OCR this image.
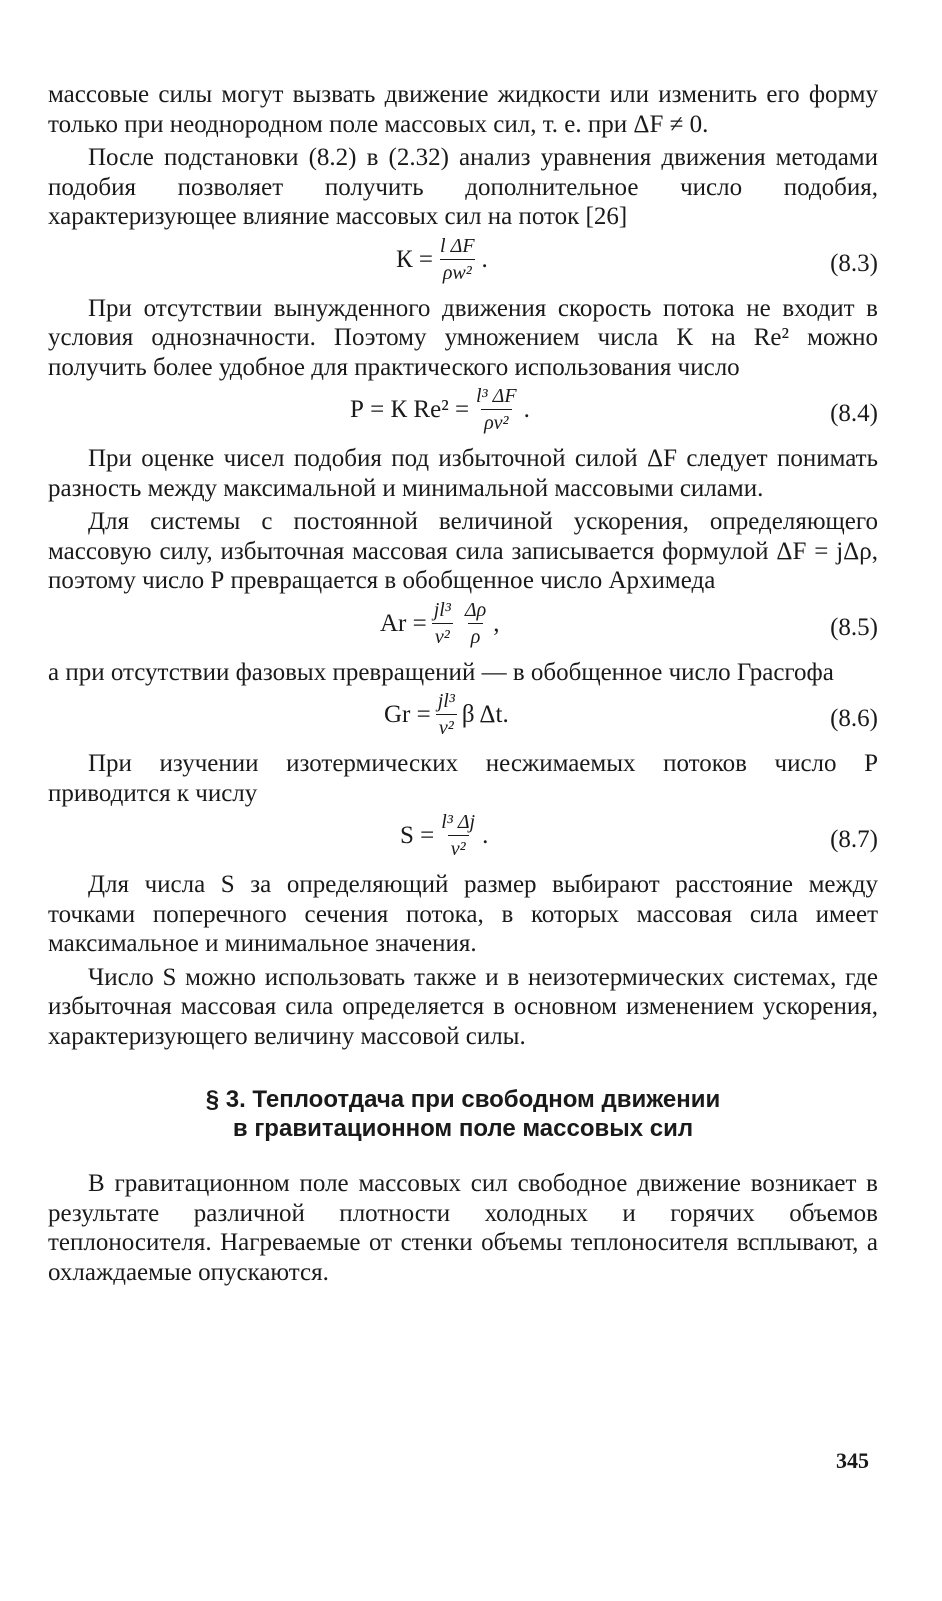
массовые силы могут вызвать движение жидкости или изменить его форму только при неоднородном поле массовых сил, т. е. при ΔF ≠ 0.

После подстановки (8.2) в (2.32) анализ уравнения движения методами подобия позволяет получить дополнительное число подобия, характеризующее влияние массовых сил на поток [26]

$К = \frac{\text{l ΔF}}{\text{ρw²}}$ .	(8.3)

При отсутствии вынужденного движения скорость потока не входит в условия однозначности. Поэтому умножением числа К на Re² можно получить более удобное для практического использования число

Р = К $Re^2 = \frac{\text{l³ ΔF}}{\text{ρν²}}$ .	(8.4)

При оценке чисел подобия под избыточной силой ΔF следует понимать разность между максимальной и минимальной массовыми силами.

Для системы с постоянной величиной ускорения, определяющего массовую силу, избыточная массовая сила записывается формулой ΔF = jΔρ, поэтому число Р превращается в обобщенное число Архимеда

$Ar = \frac{\text{jl³}}{\text{ν²}} \frac{\Delta\rho}{\rho}$ ,	(8.5)

а при отсутствии фазовых превращений — в обобщенное число Грасгофа

$Gr = \frac{\text{jl³}}{\text{ν²}}$ β Δt.	(8.6)

При изучении изотермических несжимаемых потоков число Р приводится к числу

$S = \frac{\text{l³ Δj}}{\text{ν²}}$ .	(8.7)

Для числа S за определяющий размер выбирают расстояние между точками поперечного сечения потока, в которых массовая сила имеет максимальное и минимальное значения.

Число S можно использовать также и в неизотермических системах, где избыточная массовая сила определяется в основном изменением ускорения, характеризующего величину массовой силы.

§ 3. Теплоотдача при свободном движении
в гравитационном поле массовых сил

В гравитационном поле массовых сил свободное движение возникает в результате различной плотности холодных и горячих объемов теплоносителя. Нагреваемые от стенки объемы теплоносителя всплывают, а охлаждаемые опускаются.

345
